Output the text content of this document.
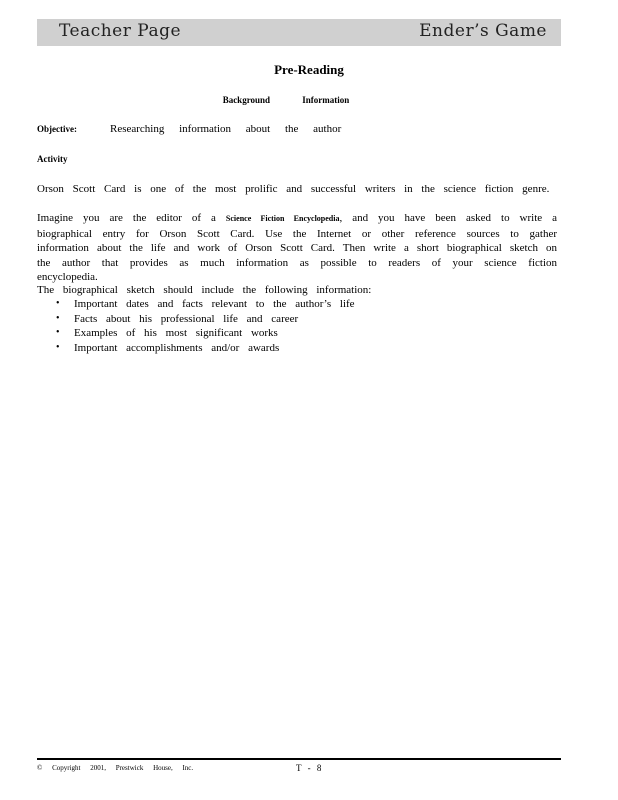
Teacher Page	Ender’s Game
Pre-Reading
Background Information
Objective:	Researching information about the author
Activity
Orson Scott Card is one of the most prolific and successful writers in the science fiction genre.
Imagine you are the editor of a Science Fiction Encyclopedia, and you have been asked to write a biographical entry for Orson Scott Card. Use the Internet or other reference sources to gather information about the life and work of Orson Scott Card. Then write a short biographical sketch on the author that provides as much information as possible to readers of your science fiction encyclopedia.
The biographical sketch should include the following information:
• Important dates and facts relevant to the author’s life
• Facts about his professional life and career
• Examples of his most significant works
• Important accomplishments and/or awards
© Copyright 2001, Prestwick House, Inc.	T - 8
